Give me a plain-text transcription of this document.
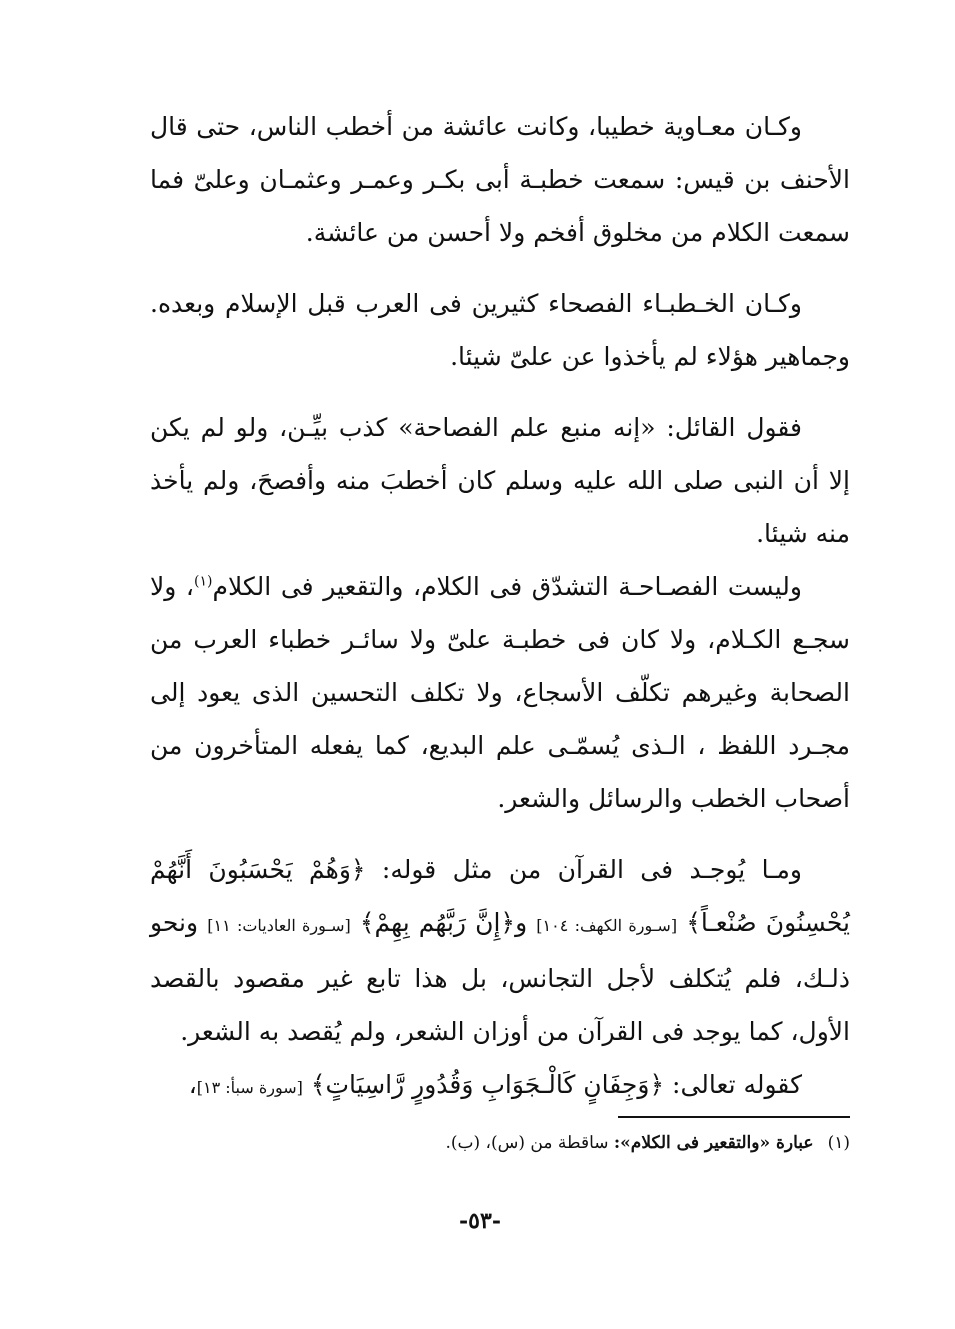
وكـان معـاوية خطيبا، وكانت عائشة من أخطب الناس، حتى قال الأحنف بن قيس: سمعت خطبـة أبى بكـر وعمـر وعثمـان وعلىّ فما سمعت الكلام من مخلوق أفخم ولا أحسن من عائشة.

وكـان الخـطبـاء الفصحاء كثيرين فى العرب قبل الإسلام وبعده. وجماهير هؤلاء لم يأخذوا عن علىّ شيئا.

فقول القائل: «إنه منبع علم الفصاحة» كذب بيِّـن، ولو لم يكن إلا أن النبى صلى الله عليه وسلم كان أخطبَ منه وأفصحَ، ولم يأخذ منه شيئا.

وليست الفصـاحـة التشدّق فى الكلام، والتقعير فى الكلام$^{(١)}$، ولا سجـع الكـلام، ولا كان فى خطبـة علىّ ولا سائـر خطباء العرب من الصحابة وغيرهم تكلّف الأسجاع، ولا تكلف التحسين الذى يعود إلى مجـرد اللفظ ، الـذى يُسمّـى علم البديع، كما يفعله المتأخرون من أصحاب الخطب والرسائل والشعر.

ومـا يُوجـد فى القرآن من مثل قوله: ﴿وَهُمْ يَحْسَبُونَ أَنَّهُمْ يُحْسِنُونَ صُنْعـاً﴾ [سـورة الكهف: ١٠٤] و﴿إِنَّ رَبَّهُم بِهِمْ﴾ [سـورة العاديات: ١١] ونحو ذلـك، فلم يُتكلف لأجل التجانس، بل هذا تابع غير مقصود بالقصد الأول، كما يوجد فى القرآن من أوزان الشعر، ولم يُقصد به الشعر.

كقوله تعالى: ﴿وَجِفَانٍ كَالْـجَوَابِ وَقُدُورٍ رَّاسِيَاتٍ﴾ [سورة سبأ: ١٣]،

(١)عبارة «والتقعير فى الكلام»: ساقطة من (س)، (ب).
-٥٣-
